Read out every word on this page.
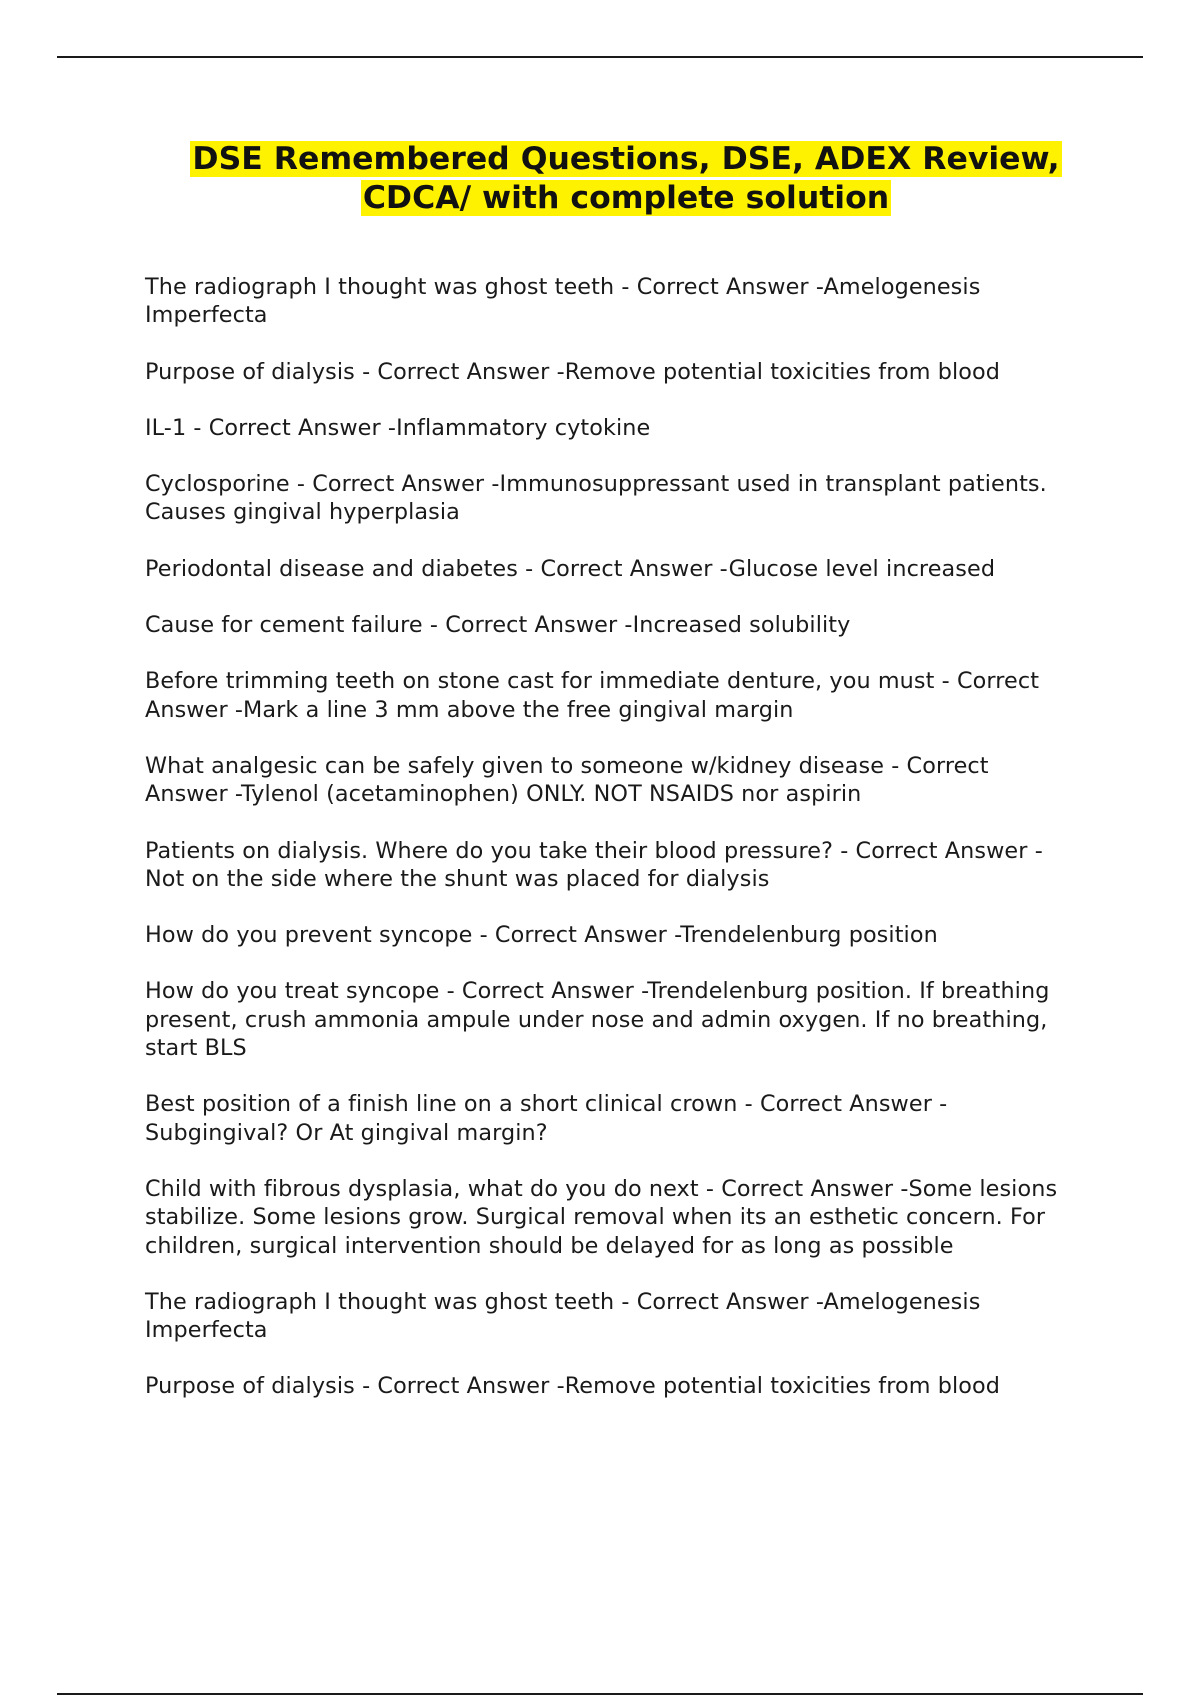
DSE Remembered Questions, DSE, ADEX Review,
CDCA/ with complete solution
The radiograph I thought was ghost teeth - Correct Answer -Amelogenesis Imperfecta
Purpose of dialysis - Correct Answer -Remove potential toxicities from blood
IL-1 - Correct Answer -Inflammatory cytokine
Cyclosporine - Correct Answer -Immunosuppressant used in transplant patients. Causes gingival hyperplasia
Periodontal disease and diabetes - Correct Answer -Glucose level increased
Cause for cement failure - Correct Answer -Increased solubility
Before trimming teeth on stone cast for immediate denture, you must - Correct Answer -Mark a line 3 mm above the free gingival margin
What analgesic can be safely given to someone w/kidney disease - Correct Answer -Tylenol (acetaminophen) ONLY. NOT NSAIDS nor aspirin
Patients on dialysis. Where do you take their blood pressure? - Correct Answer -Not on the side where the shunt was placed for dialysis
How do you prevent syncope - Correct Answer -Trendelenburg position
How do you treat syncope - Correct Answer -Trendelenburg position. If breathing present, crush ammonia ampule under nose and admin oxygen. If no breathing, start BLS
Best position of a finish line on a short clinical crown - Correct Answer -Subgingival? Or At gingival margin?
Child with fibrous dysplasia, what do you do next - Correct Answer -Some lesions stabilize. Some lesions grow. Surgical removal when its an esthetic concern. For children, surgical intervention should be delayed for as long as possible
The radiograph I thought was ghost teeth - Correct Answer -Amelogenesis Imperfecta
Purpose of dialysis - Correct Answer -Remove potential toxicities from blood
